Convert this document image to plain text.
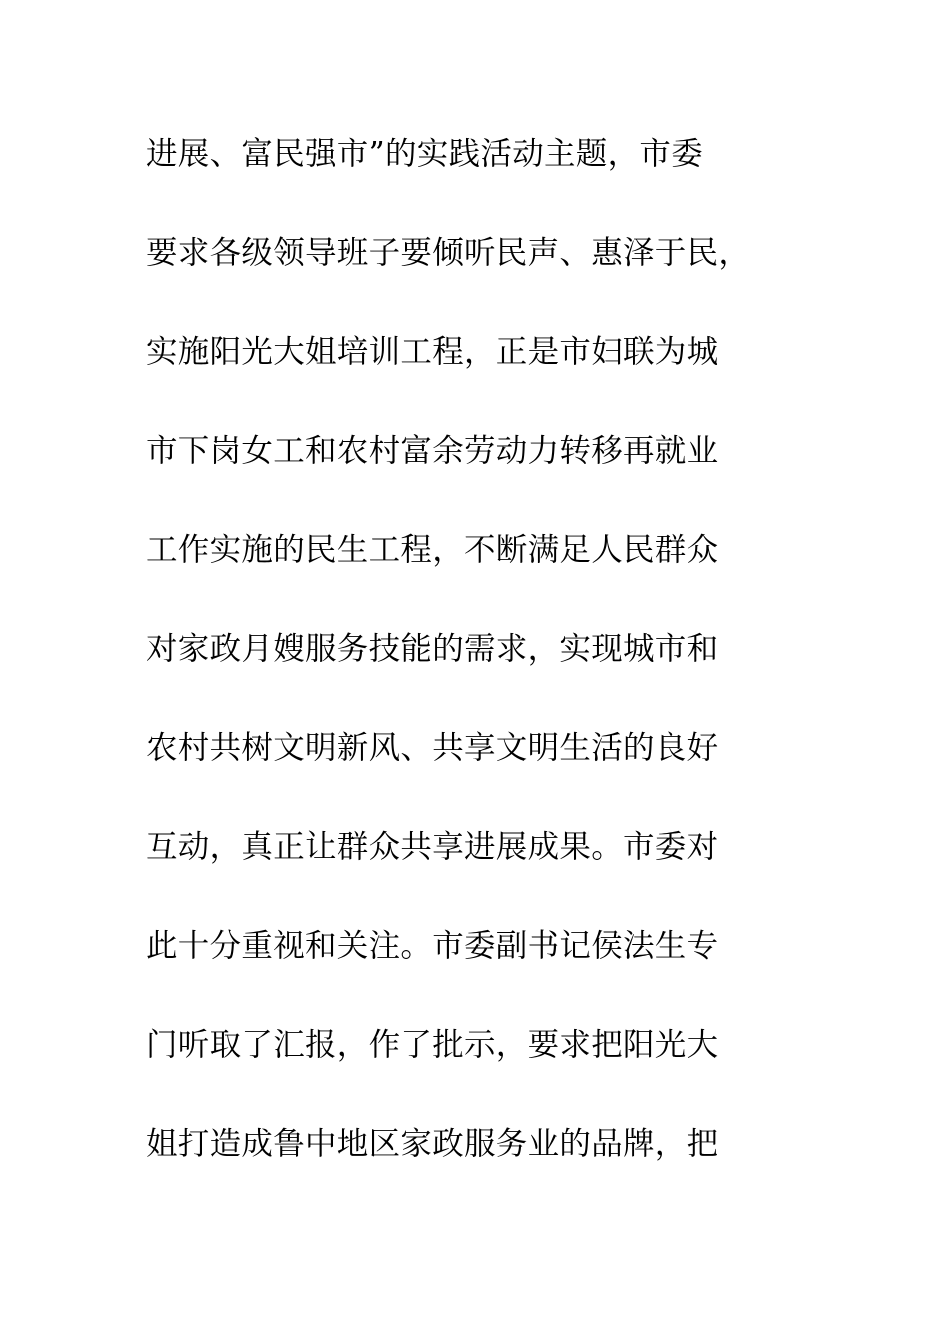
进展、富民强市”的实践活动主题，市委
要求各级领导班子要倾听民声、惠泽于民，
实施阳光大姐培训工程，正是市妇联为城
市下岗女工和农村富余劳动力转移再就业
工作实施的民生工程，不断满足人民群众
对家政月嫂服务技能的需求，实现城市和
农村共树文明新风、共享文明生活的良好
互动，真正让群众共享进展成果。市委对
此十分重视和关注。市委副书记侯法生专
门听取了汇报，作了批示，要求把阳光大
姐打造成鲁中地区家政服务业的品牌，把
